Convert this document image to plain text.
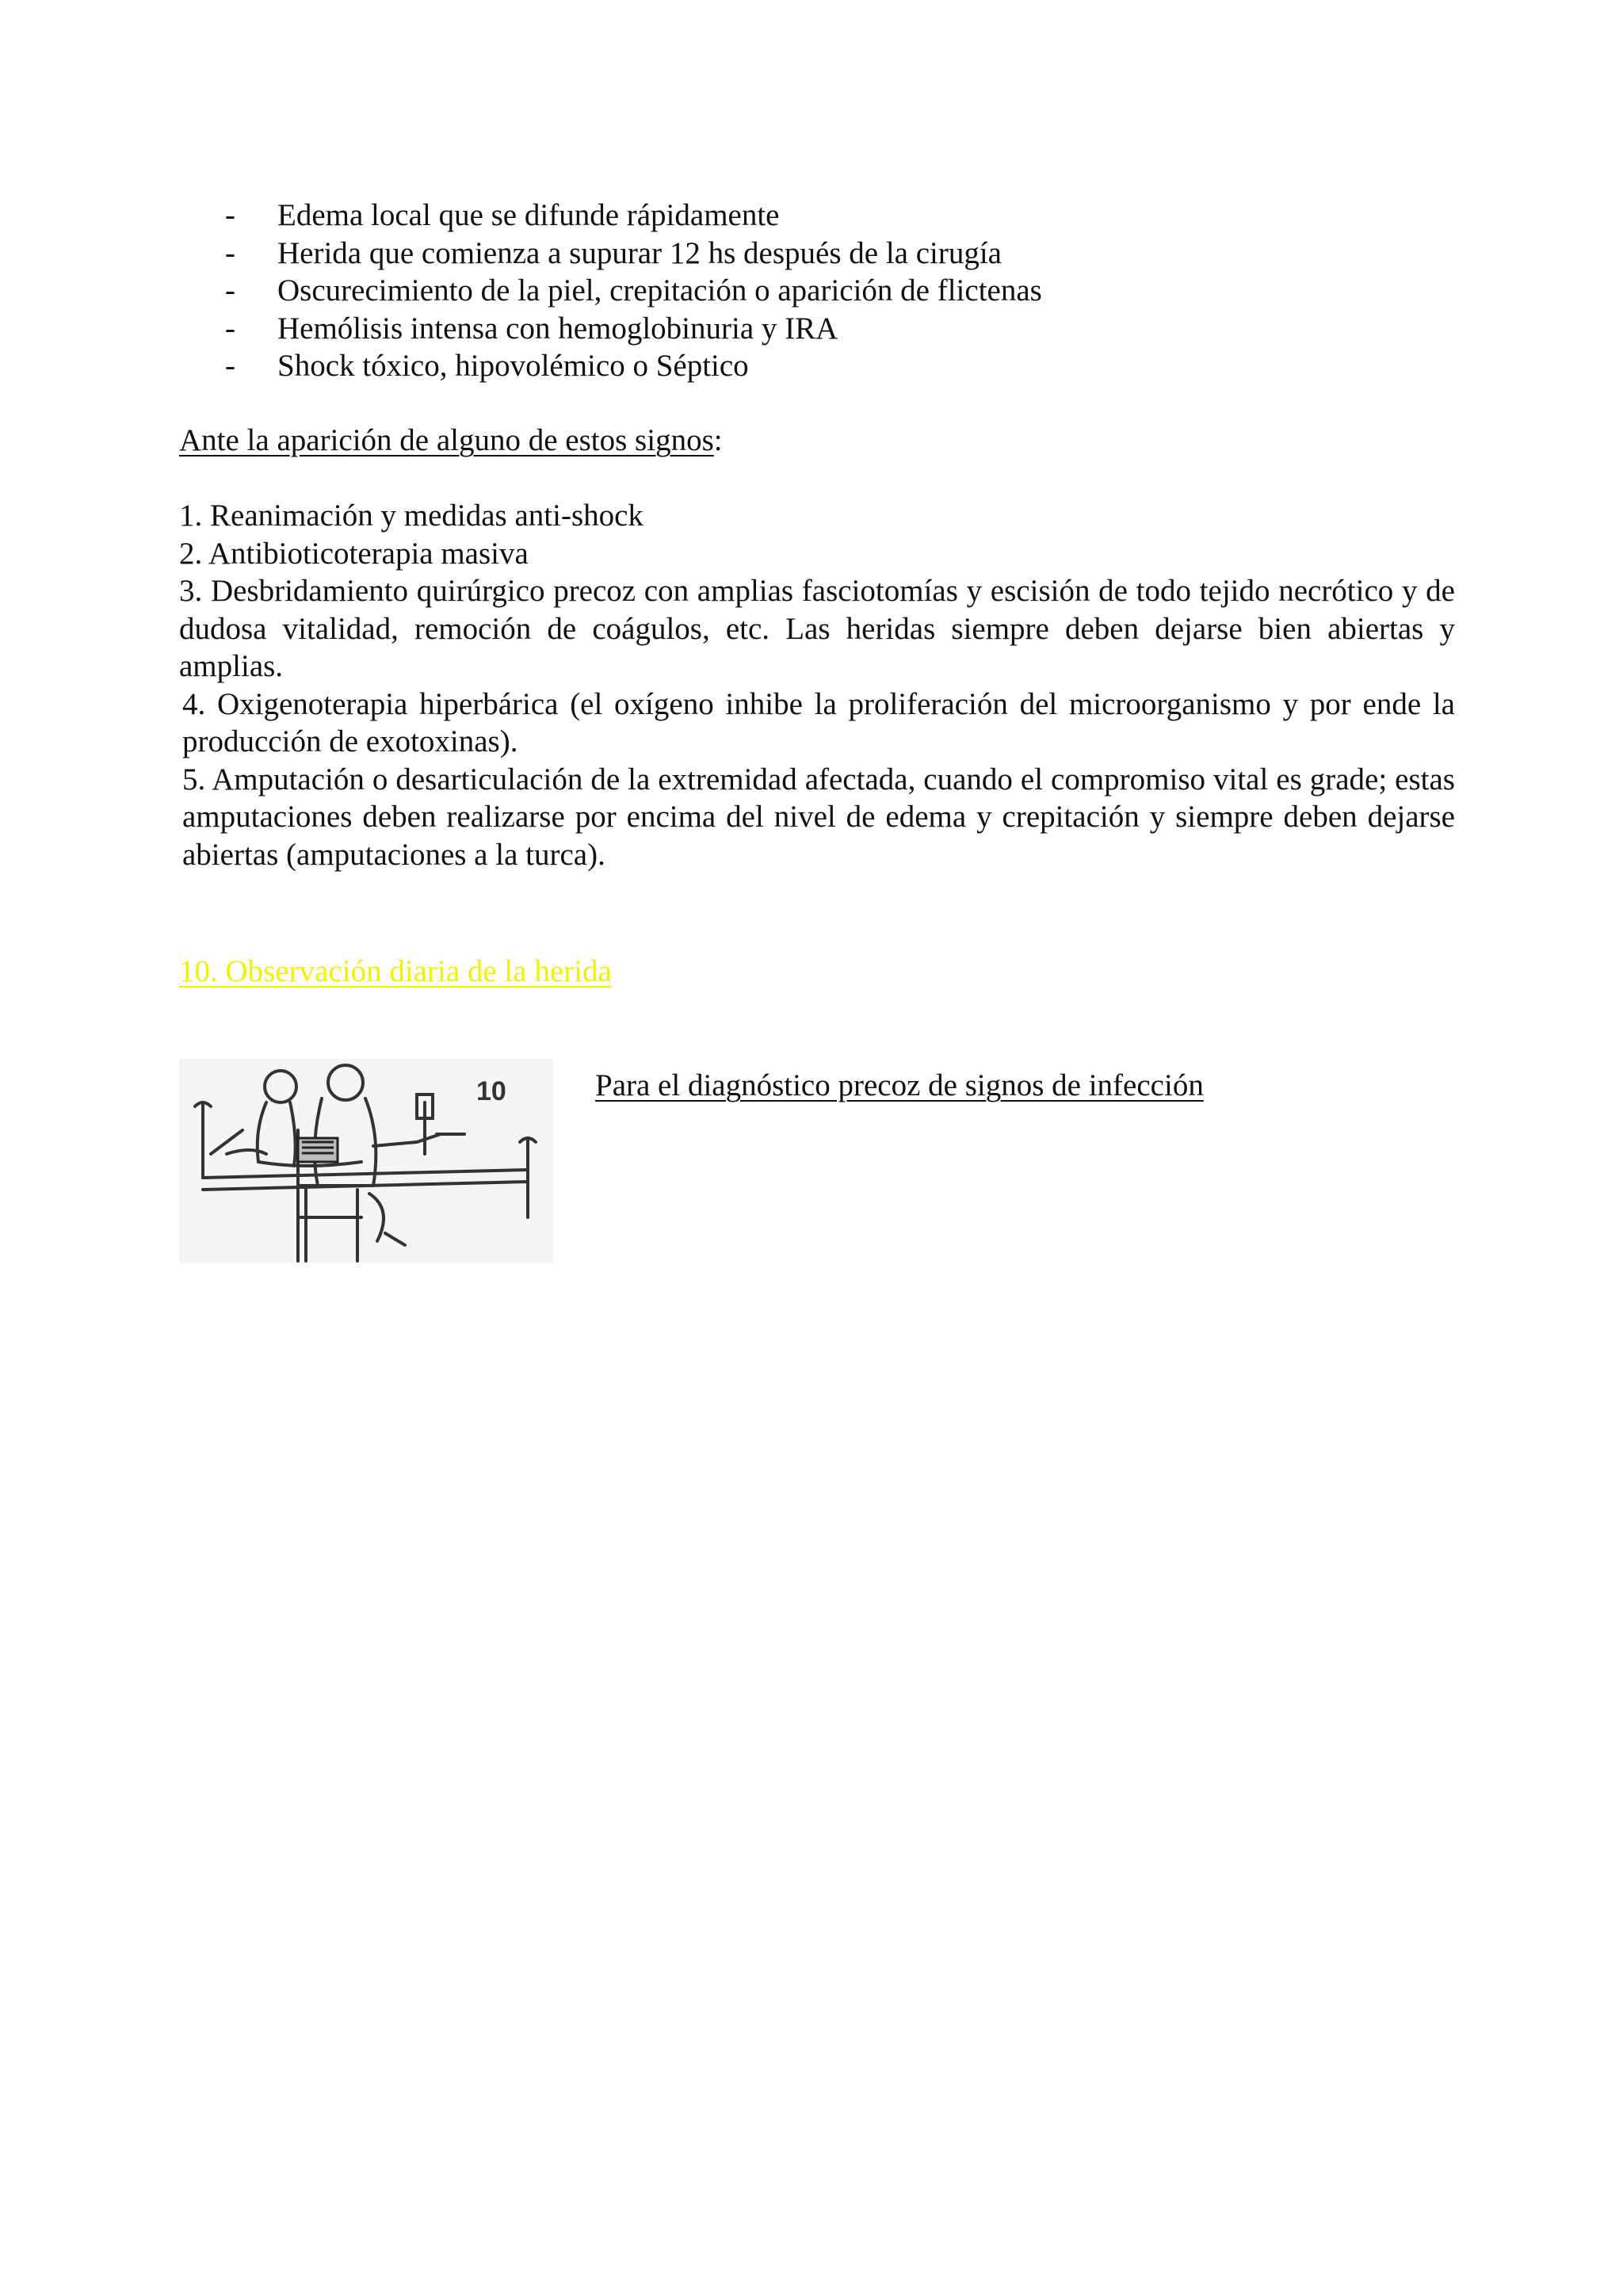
- Edema local que se difunde rápidamente
- Herida que comienza a supurar 12 hs después de la cirugía
- Oscurecimiento de la piel, crepitación o aparición de flictenas
- Hemólisis intensa con hemoglobinuria y IRA
- Shock tóxico, hipovolémico o Séptico
Ante la aparición de alguno de estos signos:

1. Reanimación y medidas anti-shock

2. Antibioticoterapia masiva

3. Desbridamiento quirúrgico precoz con amplias fasciotomías y escisión de todo tejido necrótico y de dudosa vitalidad, remoción de coágulos, etc. Las heridas siempre deben dejarse bien abiertas y amplias.

4. Oxigenoterapia hiperbárica (el oxígeno inhibe la proliferación del microorganismo y por ende la producción de exotoxinas).

5. Amputación o desarticulación de la extremidad afectada, cuando el compromiso vital es grade; estas amputaciones deben realizarse por encima del nivel de edema y crepitación y siempre deben dejarse abiertas (amputaciones a la turca).

10. Observación diaria de la herida
10	Para el diagnóstico precoz de signos de infección
